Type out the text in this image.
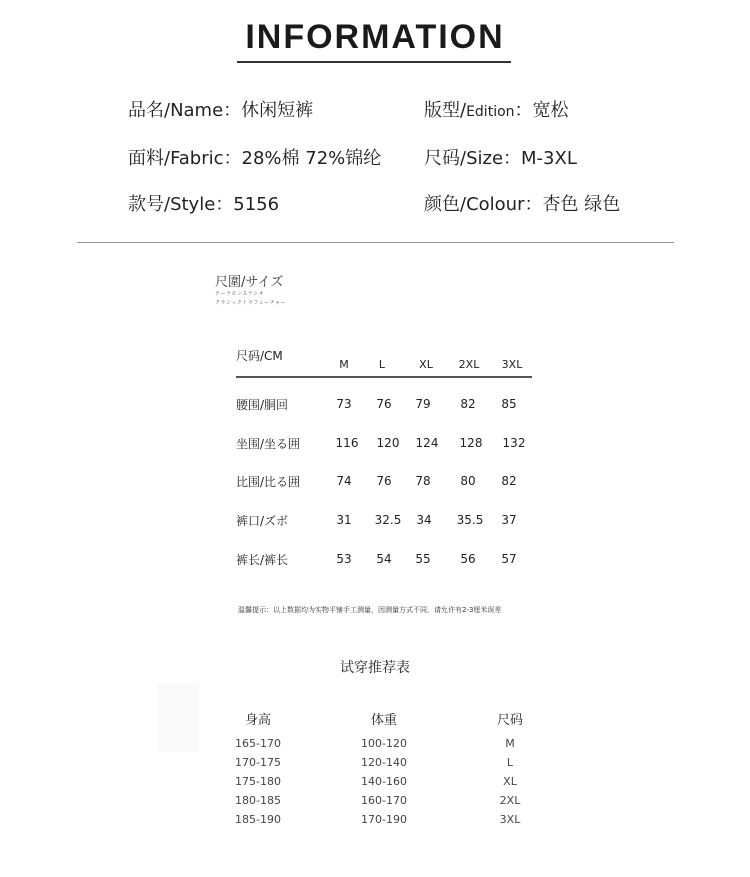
INFORMATION
品名/Name：休闲短裤	版型/Edition：宽松
面料/Fabric：28%棉 72%锦纶 尺码/Size：M-3XL
款号/Style：5156	颜色/Colour：杏色 绿色
尺圍/サイズ
テーラモンスナシオ
クラシックトウフューチャー
尺码/CM
M	L	XL	2XL	3XL
腰围/胴回	73	76	79	82	85
坐围/坐る囲	116	120	124	128	132
比围/比る囲	74	76	78	80	82
裤口/ズボ	31	32.5	34	35.5	37
裤长/裤长	53	54	55	56	57
温馨提示：以上数据均为实物平铺手工测量，因测量方式不同，请允许有2-3厘米误差
试穿推荐表
身高	体重	尺码
165-170	100-120	M
170-175	120-140	L
175-180	140-160	XL
180-185	160-170	2XL
185-190	170-190	3XL
